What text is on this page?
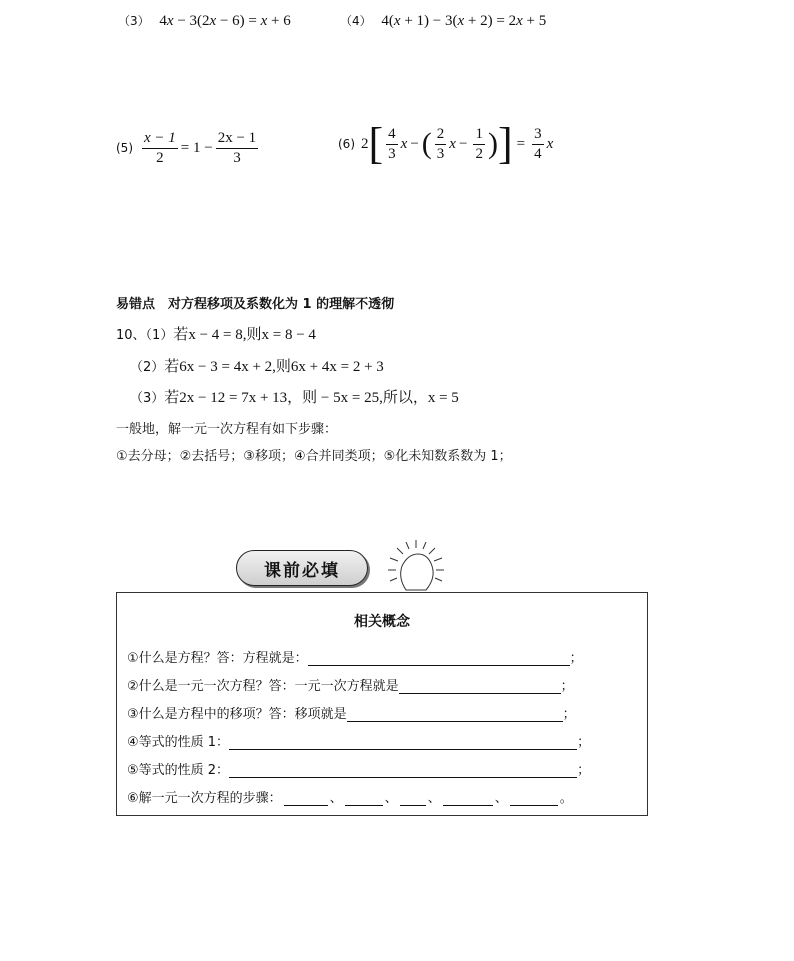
（3） 4x − 3(2x − 6) = x + 6	（4） 4(x + 1) − 3(x + 2) = 2x + 5
$(5) \frac{x - 1}{2} = 1 - \frac{2x - 1}{3}$	(6) 2 [ $\frac{4}{3}$ x − ( $\frac{2}{3}$ $x - \frac{1}{2}$ ) ] = $\frac{3}{4}$ x
易错点　对方程移项及系数化为 1 的理解不透彻
10、（1）若x − 4 = 8,则x = 8 − 4
（2）若6x − 3 = 4x + 2,则6x + 4x = 2 + 3
（3）若2x − 12 = 7x + 13，则 − 5x = 25,所以，x = 5
一般地，解一元一次方程有如下步骤：
①去分母；②去括号；③移项；④合并同类项；⑤化未知数系数为 1；
课前必填
相关概念
①什么是方程？答：方程就是：	；
②什么是一元一次方程？答：一元一次方程就是	；
③什么是方程中的移项？答：移项就是	；
④等式的性质 1：	；
⑤等式的性质 2：	；
⑥解一元一次方程的步骤：	、	、 、	、	。
